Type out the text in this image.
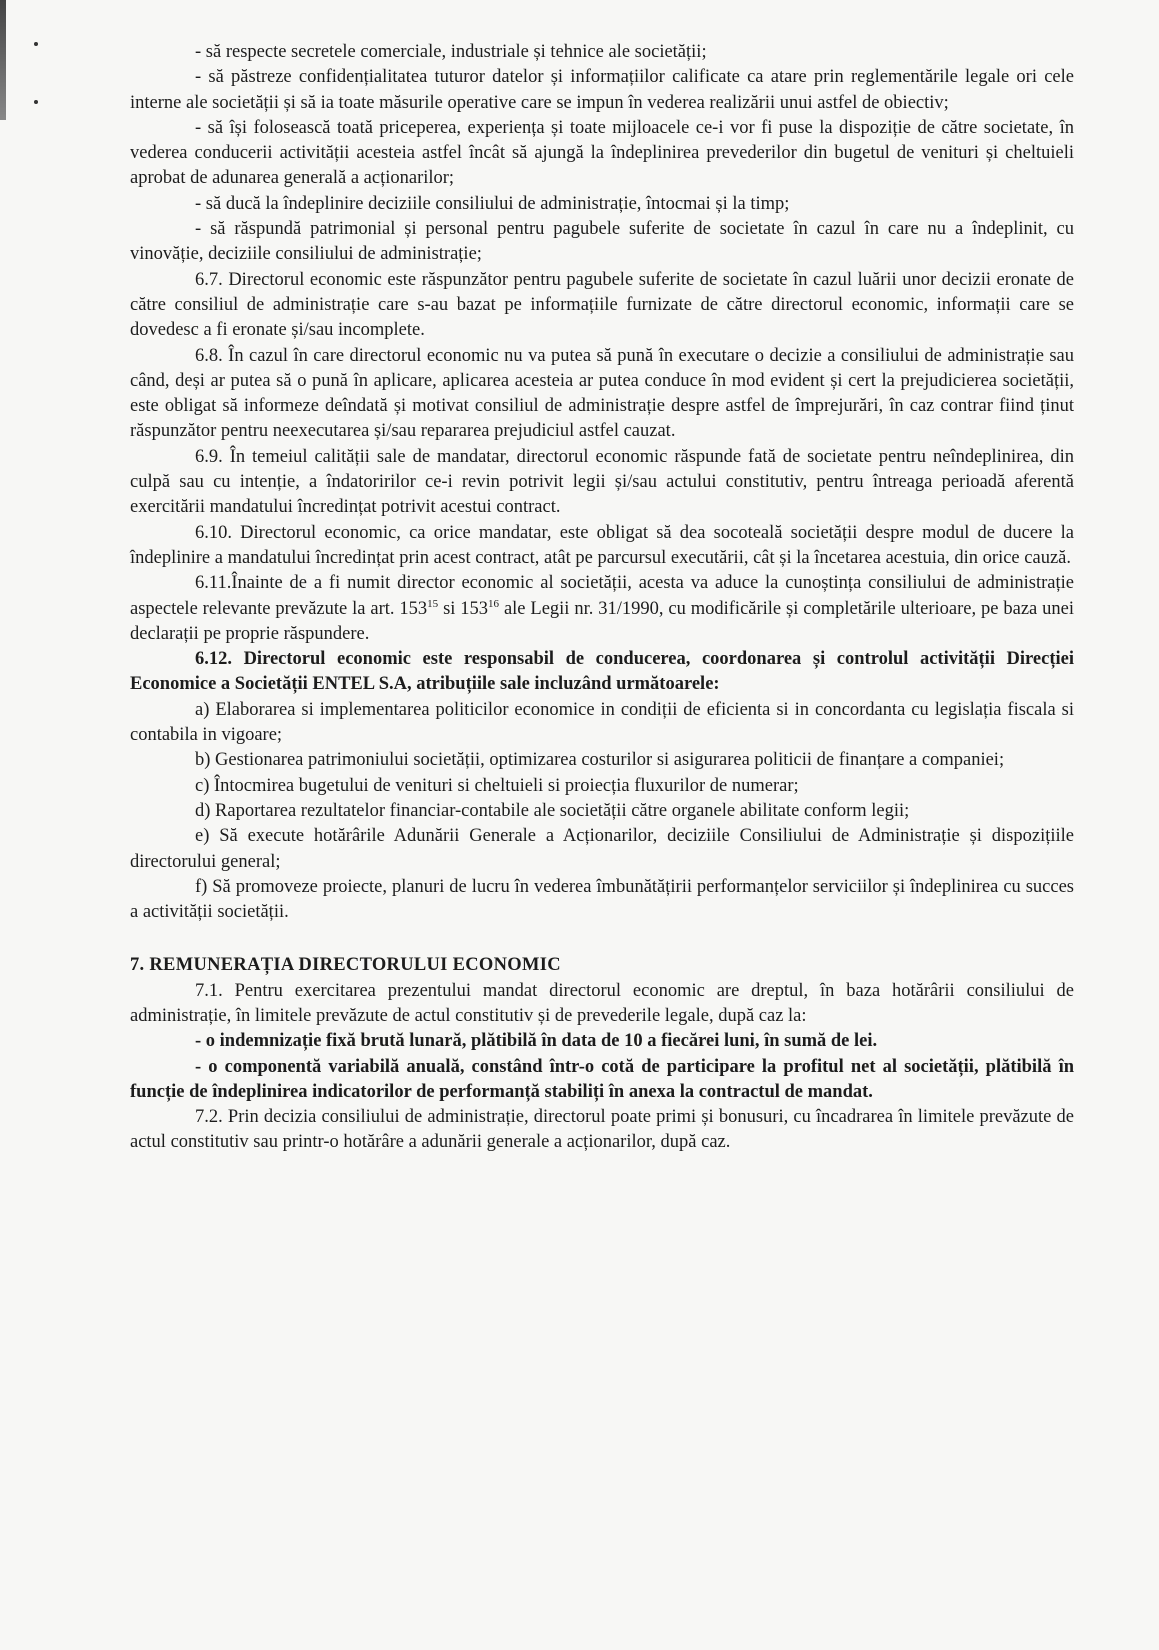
- să respecte secretele comerciale, industriale și tehnice ale societății;

- să păstreze confidențialitatea tuturor datelor și informațiilor calificate ca atare prin reglementările legale ori cele interne ale societății și să ia toate măsurile operative care se impun în vederea realizării unui astfel de obiectiv;

- să își folosească toată priceperea, experiența și toate mijloacele ce-i vor fi puse la dispoziție de către societate, în vederea conducerii activității acesteia astfel încât să ajungă la îndeplinirea prevederilor din bugetul de venituri și cheltuieli aprobat de adunarea generală a acționarilor;

- să ducă la îndeplinire deciziile consiliului de administrație, întocmai și la timp;

- să răspundă patrimonial și personal pentru pagubele suferite de societate în cazul în care nu a îndeplinit, cu vinovăție, deciziile consiliului de administrație;

6.7. Directorul economic este răspunzător pentru pagubele suferite de societate în cazul luării unor decizii eronate de către consiliul de administrație care s-au bazat pe informațiile furnizate de către directorul economic, informații care se dovedesc a fi eronate și/sau incomplete.

6.8. În cazul în care directorul economic nu va putea să pună în executare o decizie a consiliului de administrație sau când, deși ar putea să o pună în aplicare, aplicarea acesteia ar putea conduce în mod evident și cert la prejudicierea societății, este obligat să informeze deîndată și motivat consiliul de administrație despre astfel de împrejurări, în caz contrar fiind ținut răspunzător pentru neexecutarea și/sau repararea prejudiciul astfel cauzat.

6.9. În temeiul calității sale de mandatar, directorul economic răspunde fată de societate pentru neîndeplinirea, din culpă sau cu intenție, a îndatoririlor ce-i revin potrivit legii și/sau actului constitutiv, pentru întreaga perioadă aferentă exercitării mandatului încredințat potrivit acestui contract.

6.10. Directorul economic, ca orice mandatar, este obligat să dea socoteală societății despre modul de ducere la îndeplinire a mandatului încredințat prin acest contract, atât pe parcursul executării, cât și la încetarea acestuia, din orice cauză.

6.11.Înainte de a fi numit director economic al societății, acesta va aduce la cunoștința consiliului de administrație aspectele relevante prevăzute la art. $153^{15}$ si $153^{16}$ ale Legii nr. 31/1990, cu modificările și completările ulterioare, pe baza unei declarații pe proprie răspundere.

6.12. Directorul economic este responsabil de conducerea, coordonarea și controlul activității Direcției Economice a Societății ENTEL S.A, atribuțiile sale incluzând următoarele:

a) Elaborarea si implementarea politicilor economice in condiții de eficienta si in concordanta cu legislația fiscala si contabila in vigoare;

b) Gestionarea patrimoniului societății, optimizarea costurilor si asigurarea politicii de finanțare a companiei;

c) Întocmirea bugetului de venituri si cheltuieli si proiecția fluxurilor de numerar;

d) Raportarea rezultatelor financiar-contabile ale societății către organele abilitate conform legii;

e) Să execute hotărârile Adunării Generale a Acționarilor, deciziile Consiliului de Administrație și dispozițiile directorului general;

f) Să promoveze proiecte, planuri de lucru în vederea îmbunătățirii performanțelor serviciilor și îndeplinirea cu succes a activității societății.

7. REMUNERAȚIA DIRECTORULUI ECONOMIC

7.1. Pentru exercitarea prezentului mandat directorul economic are dreptul, în baza hotărârii consiliului de administrație, în limitele prevăzute de actul constitutiv și de prevederile legale, după caz la:

- o indemnizație fixă brută lunară, plătibilă în data de 10 a fiecărei luni, în sumă de lei.

- o componentă variabilă anuală, constând într-o cotă de participare la profitul net al societății, plătibilă în funcție de îndeplinirea indicatorilor de performanță stabiliți în anexa la contractul de mandat.

7.2. Prin decizia consiliului de administrație, directorul poate primi și bonusuri, cu încadrarea în limitele prevăzute de actul constitutiv sau printr-o hotărâre a adunării generale a acționarilor, după caz.
